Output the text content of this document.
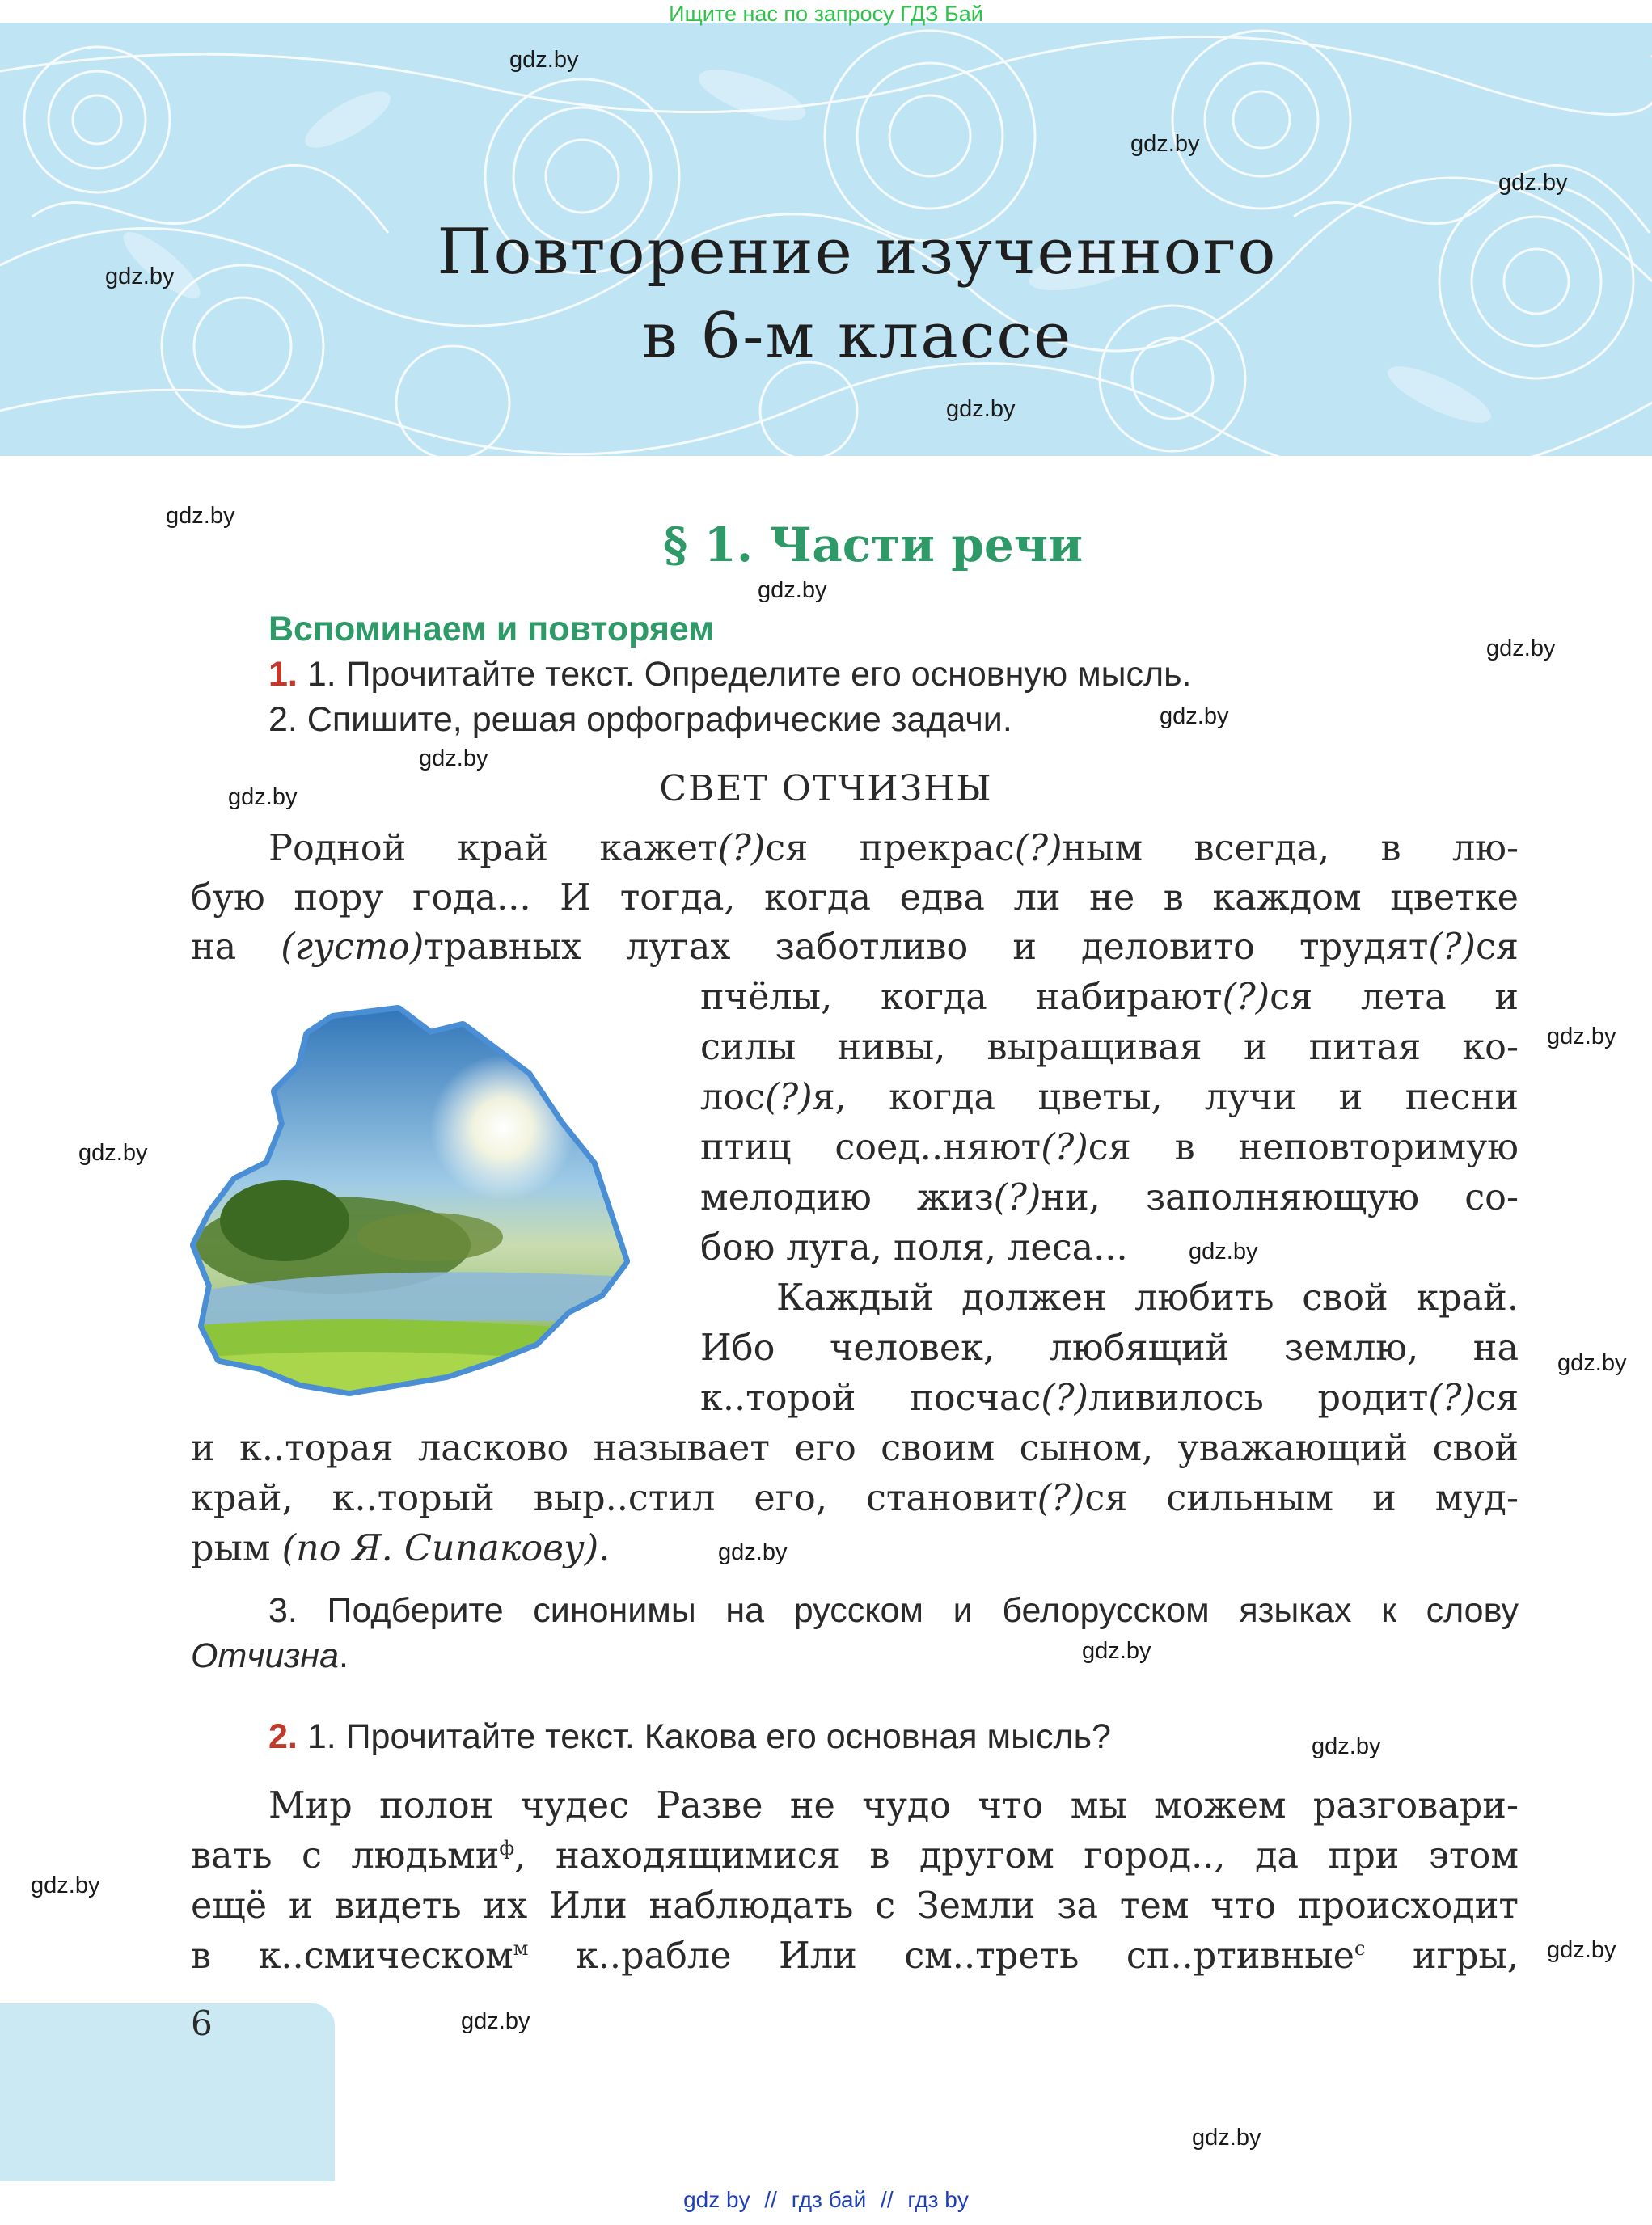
Ищите нас по запросу ГДЗ Бай
Повторение изученного
в 6-м классе
gdz.by
gdz.by
gdz.by
gdz.by
gdz.by
gdz.by
gdz.by
gdz.by
gdz.by
gdz.by
gdz.by
gdz.by
gdz.by
gdz.by
gdz.by
gdz.by
gdz.by
gdz.by
gdz.by
gdz.by
gdz.by
gdz.by
§ 1. Части речи
Вспоминаем и повторяем
1. 1. Прочитайте текст. Определите его основную мысль.
2. Спишите, решая орфографические задачи.
СВЕТ ОТЧИЗНЫ
Родной край кажет(?)ся прекрас(?)ным всегда, в лю-
бую пору года... И тогда, когда едва ли не в каждом цветке
на (густо)травных лугах заботливо и деловито трудят(?)ся
пчёлы, когда набирают(?)ся лета и
силы нивы, выращивая и питая ко-
лос(?)я, когда цветы, лучи и песни
птиц соед..няют(?)ся в неповторимую
мелодию жиз(?)ни, заполняющую со-
бою луга, поля, леса...
Каждый должен любить свой край.
Ибо человек, любящий землю, на
к..торой посчас(?)ливилось родит(?)ся
и к..торая ласково называет его своим сыном, уважающий свой
край, к..торый выр..стил его, становит(?)ся сильным и муд-
рым (по Я. Сипакову).
3. Подберите синонимы на русском и белорусском языках к слову
Отчизна.
2. 1. Прочитайте текст. Какова его основная мысль?
Мир полон чудес Разве не чудо что мы можем разговари-
вать с людьми$^ф$, находящимися в другом город.., да при этом
ещё и видеть их Или наблюдать с Земли за тем что происходит
в к..смическом$^м$ к..рабле Или см..треть сп..ртивные$^с$ игры,
6
gdz by // гдз бай // гдз by
